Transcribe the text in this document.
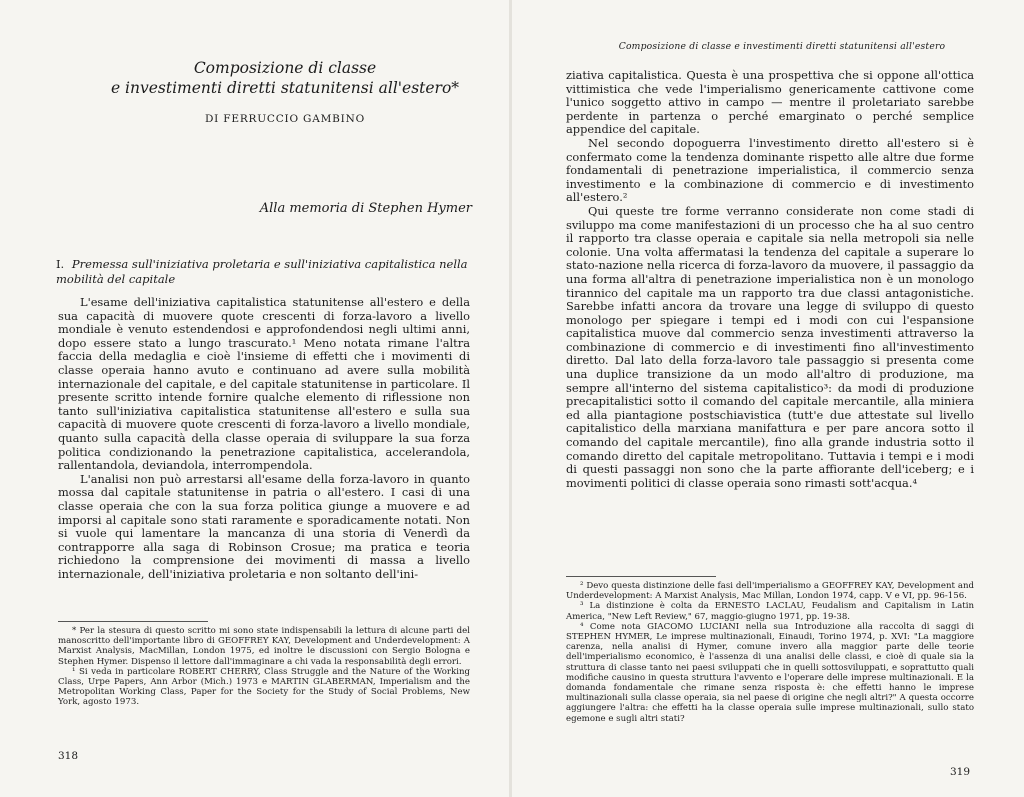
Composizione di classe
e investimenti diretti statunitensi all'estero*
DI FERRUCCIO GAMBINO
Alla memoria di Stephen Hymer
I. Premessa sull'iniziativa proletaria e sull'iniziativa capitalistica nella mobilità del capitale

L'esame dell'iniziativa capitalistica statunitense all'estero e della sua capacità di muovere quote crescenti di forza-lavoro a livello mondiale è venuto estendendosi e approfondendosi negli ultimi anni, dopo essere stato a lungo trascurato.¹ Meno notata rimane l'altra faccia della medaglia e cioè l'insieme di effetti che i movimenti di classe operaia hanno avuto e continuano ad avere sulla mobilità internazionale del capitale, e del capitale statunitense in particolare. Il presente scritto intende fornire qualche elemento di riflessione non tanto sull'iniziativa capitalistica statunitense all'estero e sulla sua capacità di muovere quote crescenti di forza-lavoro a livello mondiale, quanto sulla capacità della classe operaia di sviluppare la sua forza politica condizionando la penetrazione capitalistica, accelerandola, rallentandola, deviandola, interrompendola.

L'analisi non può arrestarsi all'esame della forza-lavoro in quanto mossa dal capitale statunitense in patria o all'estero. I casi di una classe operaia che con la sua forza politica giunge a muovere e ad imporsi al capitale sono stati raramente e sporadicamente notati. Non si vuole qui lamentare la mancanza di una storia di Venerdì da contrapporre alla saga di Robinson Crosue; ma pratica e teoria richiedono la comprensione dei movimenti di massa a livello internazionale, dell'iniziativa proletaria e non soltanto dell'ini-

* Per la stesura di questo scritto mi sono state indispensabili la lettura di alcune parti del manoscritto dell'importante libro di GEOFFREY KAY, Development and Underdevelopment: A Marxist Analysis, MacMillan, London 1975, ed inoltre le discussioni con Sergio Bologna e Stephen Hymer. Dispenso il lettore dall'immaginare a chi vada la responsabilità degli errori.

¹ Si veda in particolare ROBERT CHERRY, Class Struggle and the Nature of the Working Class, Urpe Papers, Ann Arbor (Mich.) 1973 e MARTIN GLABERMAN, Imperialism and the Metropolitan Working Class, Paper for the Society for the Study of Social Problems, New York, agosto 1973.

318
Composizione di classe e investimenti diretti statunitensi all'estero

ziativa capitalistica. Questa è una prospettiva che si oppone all'ottica vittimistica che vede l'imperialismo genericamente cattivone come l'unico soggetto attivo in campo — mentre il proletariato sarebbe perdente in partenza o perché emarginato o perché semplice appendice del capitale.

Nel secondo dopoguerra l'investimento diretto all'estero si è confermato come la tendenza dominante rispetto alle altre due forme fondamentali di penetrazione imperialistica, il commercio senza investimento e la combinazione di commercio e di investimento all'estero.²

Qui queste tre forme verranno considerate non come stadi di sviluppo ma come manifestazioni di un processo che ha al suo centro il rapporto tra classe operaia e capitale sia nella metropoli sia nelle colonie. Una volta affermatasi la tendenza del capitale a superare lo stato-nazione nella ricerca di forza-lavoro da muovere, il passaggio da una forma all'altra di penetrazione imperialistica non è un monologo tirannico del capitale ma un rapporto tra due classi antagonistiche. Sarebbe infatti ancora da trovare una legge di sviluppo di questo monologo per spiegare i tempi ed i modi con cui l'espansione capitalistica muove dal commercio senza investimenti attraverso la combinazione di commercio e di investimenti fino all'investimento diretto. Dal lato della forza-lavoro tale passaggio si presenta come una duplice transizione da un modo all'altro di produzione, ma sempre all'interno del sistema capitalistico³: da modi di produzione precapitalistici sotto il comando del capitale mercantile, alla miniera ed alla piantagione postschiavistica (tutt'e due attestate sul livello capitalistico della marxiana manifattura e per pare ancora sotto il comando del capitale mercantile), fino alla grande industria sotto il comando diretto del capitale metropolitano. Tuttavia i tempi e i modi di questi passaggi non sono che la parte affiorante dell'iceberg; e i movimenti politici di classe operaia sono rimasti sott'acqua.⁴

² Devo questa distinzione delle fasi dell'imperialismo a GEOFFREY KAY, Development and Underdevelopment: A Marxist Analysis, Mac Millan, London 1974, capp. V e VI, pp. 96-156.

³ La distinzione è colta da ERNESTO LACLAU, Feudalism and Capitalism in Latin America, "New Left Review," 67, maggio-giugno 1971, pp. 19-38.

⁴ Come nota GIACOMO LUCIANI nella sua Introduzione alla raccolta di saggi di STEPHEN HYMER, Le imprese multinazionali, Einaudi, Torino 1974, p. XVI: "La maggiore carenza, nella analisi di Hymer, comune invero alla maggior parte delle teorie dell'imperialismo economico, è l'assenza di una analisi delle classi, e cioè di quale sia la struttura di classe tanto nei paesi sviluppati che in quelli sottosviluppati, e soprattutto quali modifiche causino in questa struttura l'avvento e l'operare delle imprese multinazionali. E la domanda fondamentale che rimane senza risposta è: che effetti hanno le imprese multinazionali sulla classe operaia, sia nel paese di origine che negli altri?" A questa occorre aggiungere l'altra: che effetti ha la classe operaia sulle imprese multinazionali, sullo stato egemone e sugli altri stati?

319
